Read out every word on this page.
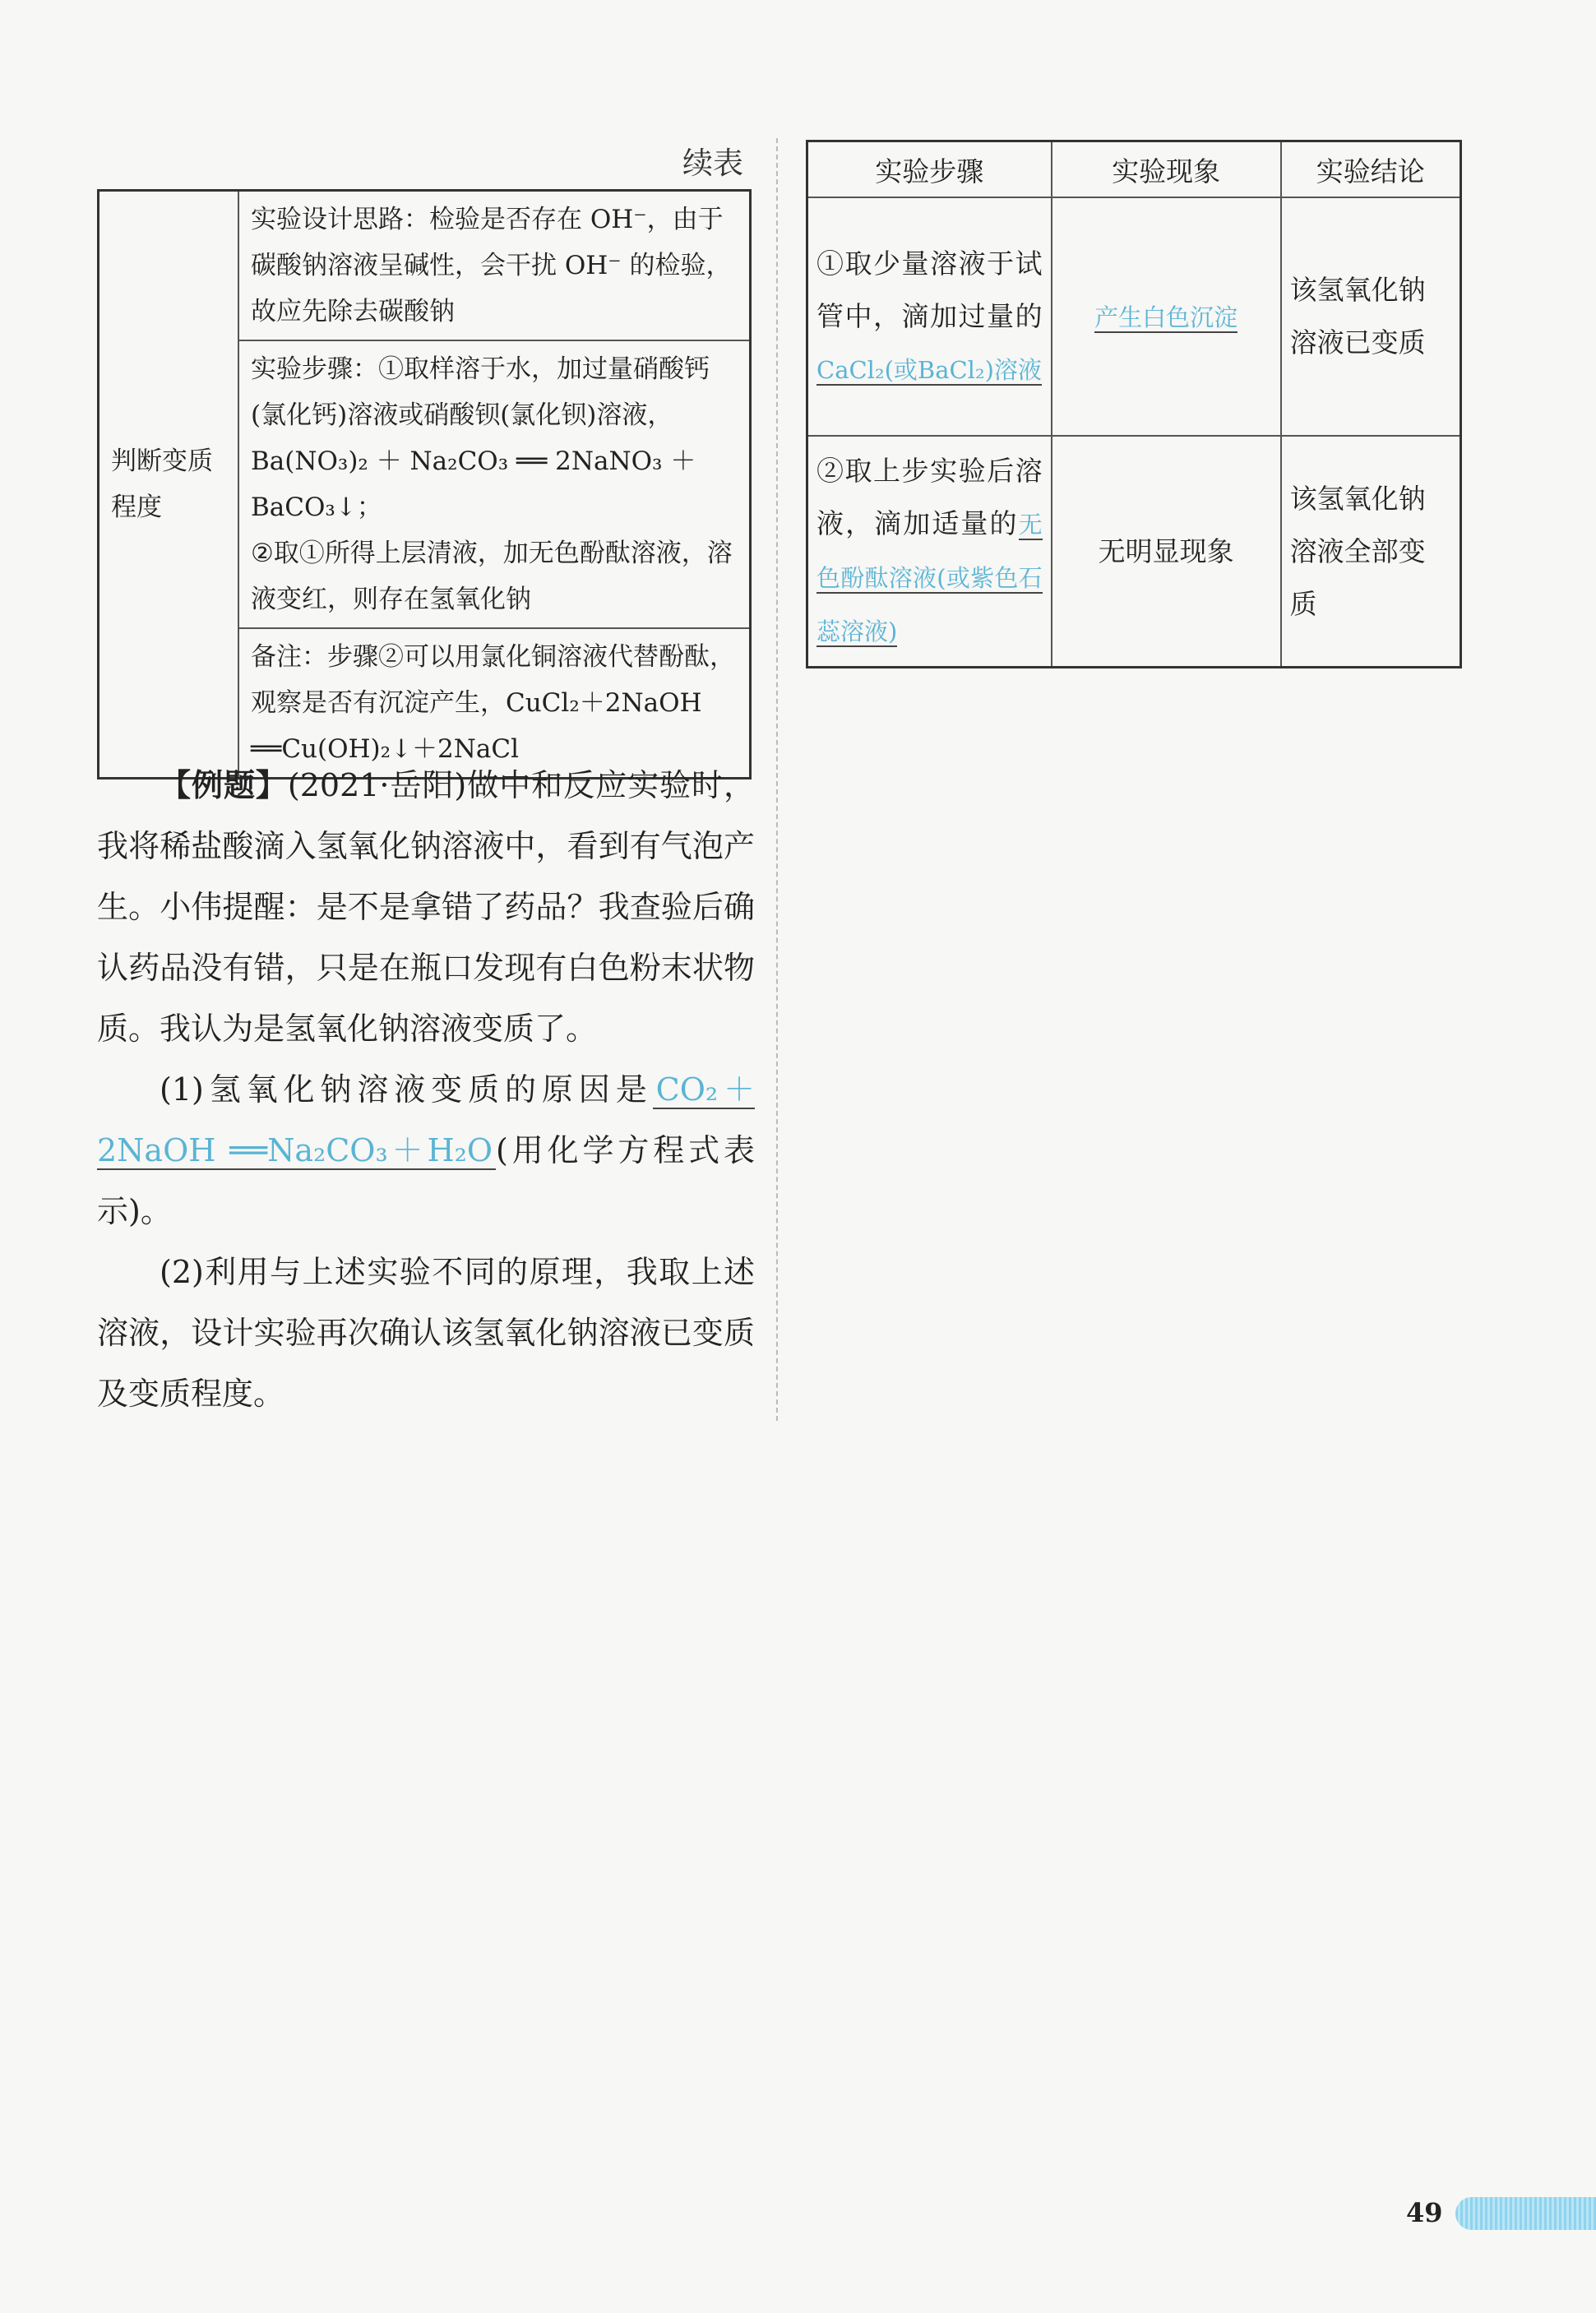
续表
判断变质程度	实验设计思路：检验是否存在 OH⁻，由于碳酸钠溶液呈碱性，会干扰 OH⁻ 的检验，故应先除去碳酸钠
实验步骤：①取样溶于水，加过量硝酸钙(氯化钙)溶液或硝酸钡(氯化钡)溶液，
Ba(NO₃)₂ ＋ Na₂CO₃ ══ 2NaNO₃ ＋ BaCO₃↓；
②取①所得上层清液，加无色酚酞溶液，溶液变红，则存在氢氧化钠
备注：步骤②可以用氯化铜溶液代替酚酞，观察是否有沉淀产生，CuCl₂＋2NaOH ══Cu(OH)₂↓＋2NaCl

【例题】(2021·岳阳)做中和反应实验时，我将稀盐酸滴入氢氧化钠溶液中，看到有气泡产生。小伟提醒：是不是拿错了药品？我查验后确认药品没有错，只是在瓶口发现有白色粉末状物质。我认为是氢氧化钠溶液变质了。

(1)氢氧化钠溶液变质的原因是 CO₂＋2NaOH ══Na₂CO₃＋H₂O (用化学方程式表示)。

(2)利用与上述实验不同的原理，我取上述溶液，设计实验再次确认该氢氧化钠溶液已变质及变质程度。

实验步骤	实验现象	实验结论
①取少量溶液于试管中，滴加过量的CaCl₂(或BaCl₂)溶液	产生白色沉淀	该氢氧化钠溶液已变质
②取上步实验后溶液，滴加适量的无色酚酞溶液(或紫色石蕊溶液)	无明显现象	该氢氧化钠溶液全部变质
49
